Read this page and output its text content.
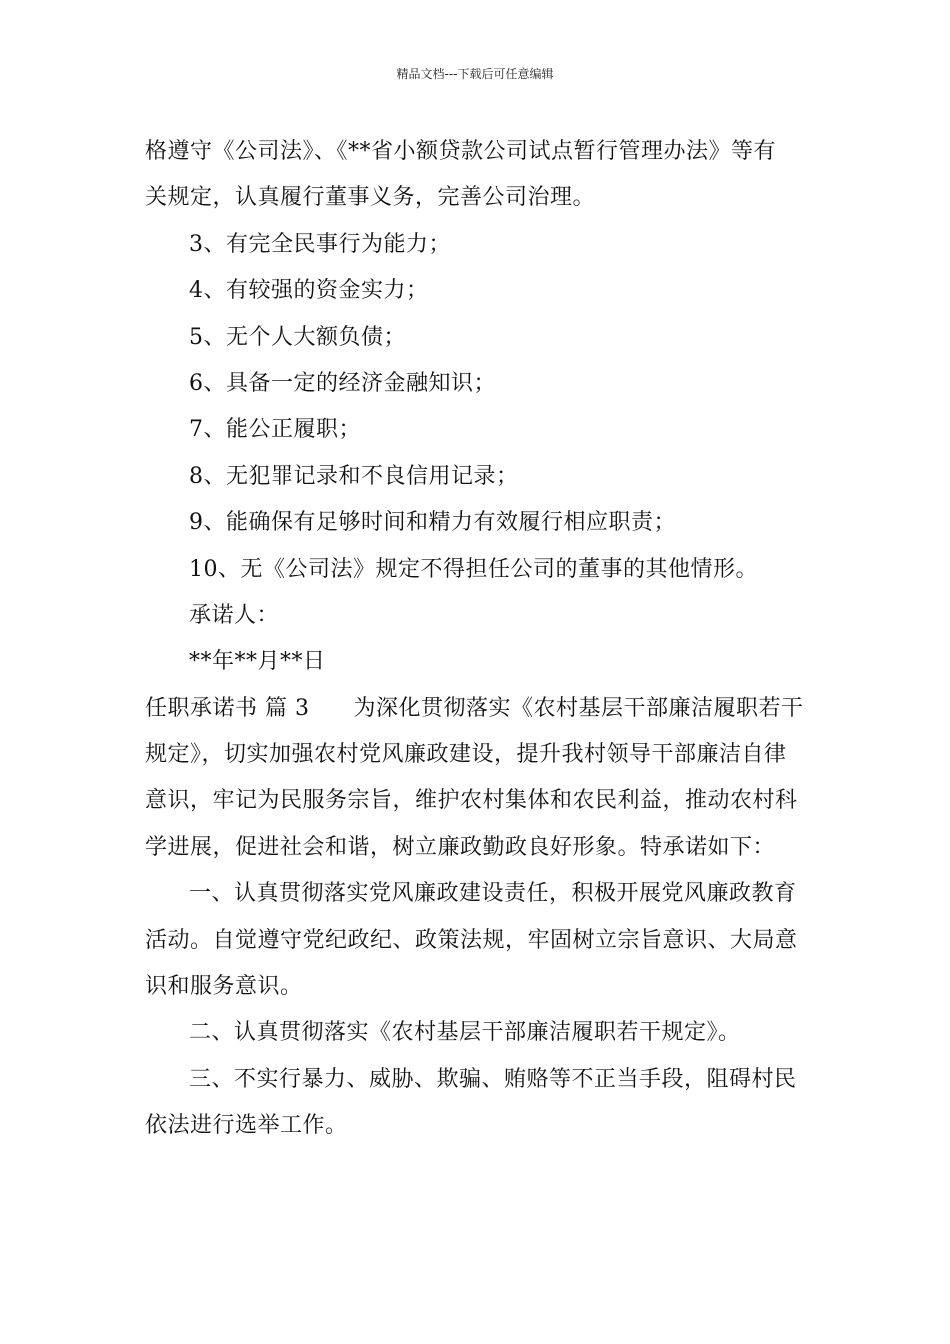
精品文档---下载后可任意编辑
格遵守《公司法》、《**省小额贷款公司试点暂行管理办法》等有
关规定，认真履行董事义务，完善公司治理。
3、有完全民事行为能力；
4、有较强的资金实力；
5、无个人大额负债；
6、具备一定的经济金融知识；
7、能公正履职；
8、无犯罪记录和不良信用记录；
9、能确保有足够时间和精力有效履行相应职责；
10、无《公司法》规定不得担任公司的董事的其他情形。
承诺人：
**年**月**日
任职承诺书 篇 3 为深化贯彻落实《农村基层干部廉洁履职若干
规定》，切实加强农村党风廉政建设，提升我村领导干部廉洁自律
意识，牢记为民服务宗旨，维护农村集体和农民利益，推动农村科
学进展，促进社会和谐，树立廉政勤政良好形象。特承诺如下：
一、认真贯彻落实党风廉政建设责任，积极开展党风廉政教育
活动。自觉遵守党纪政纪、政策法规，牢固树立宗旨意识、大局意
识和服务意识。
二、认真贯彻落实《农村基层干部廉洁履职若干规定》。
三、不实行暴力、威胁、欺骗、贿赂等不正当手段，阻碍村民
依法进行选举工作。
